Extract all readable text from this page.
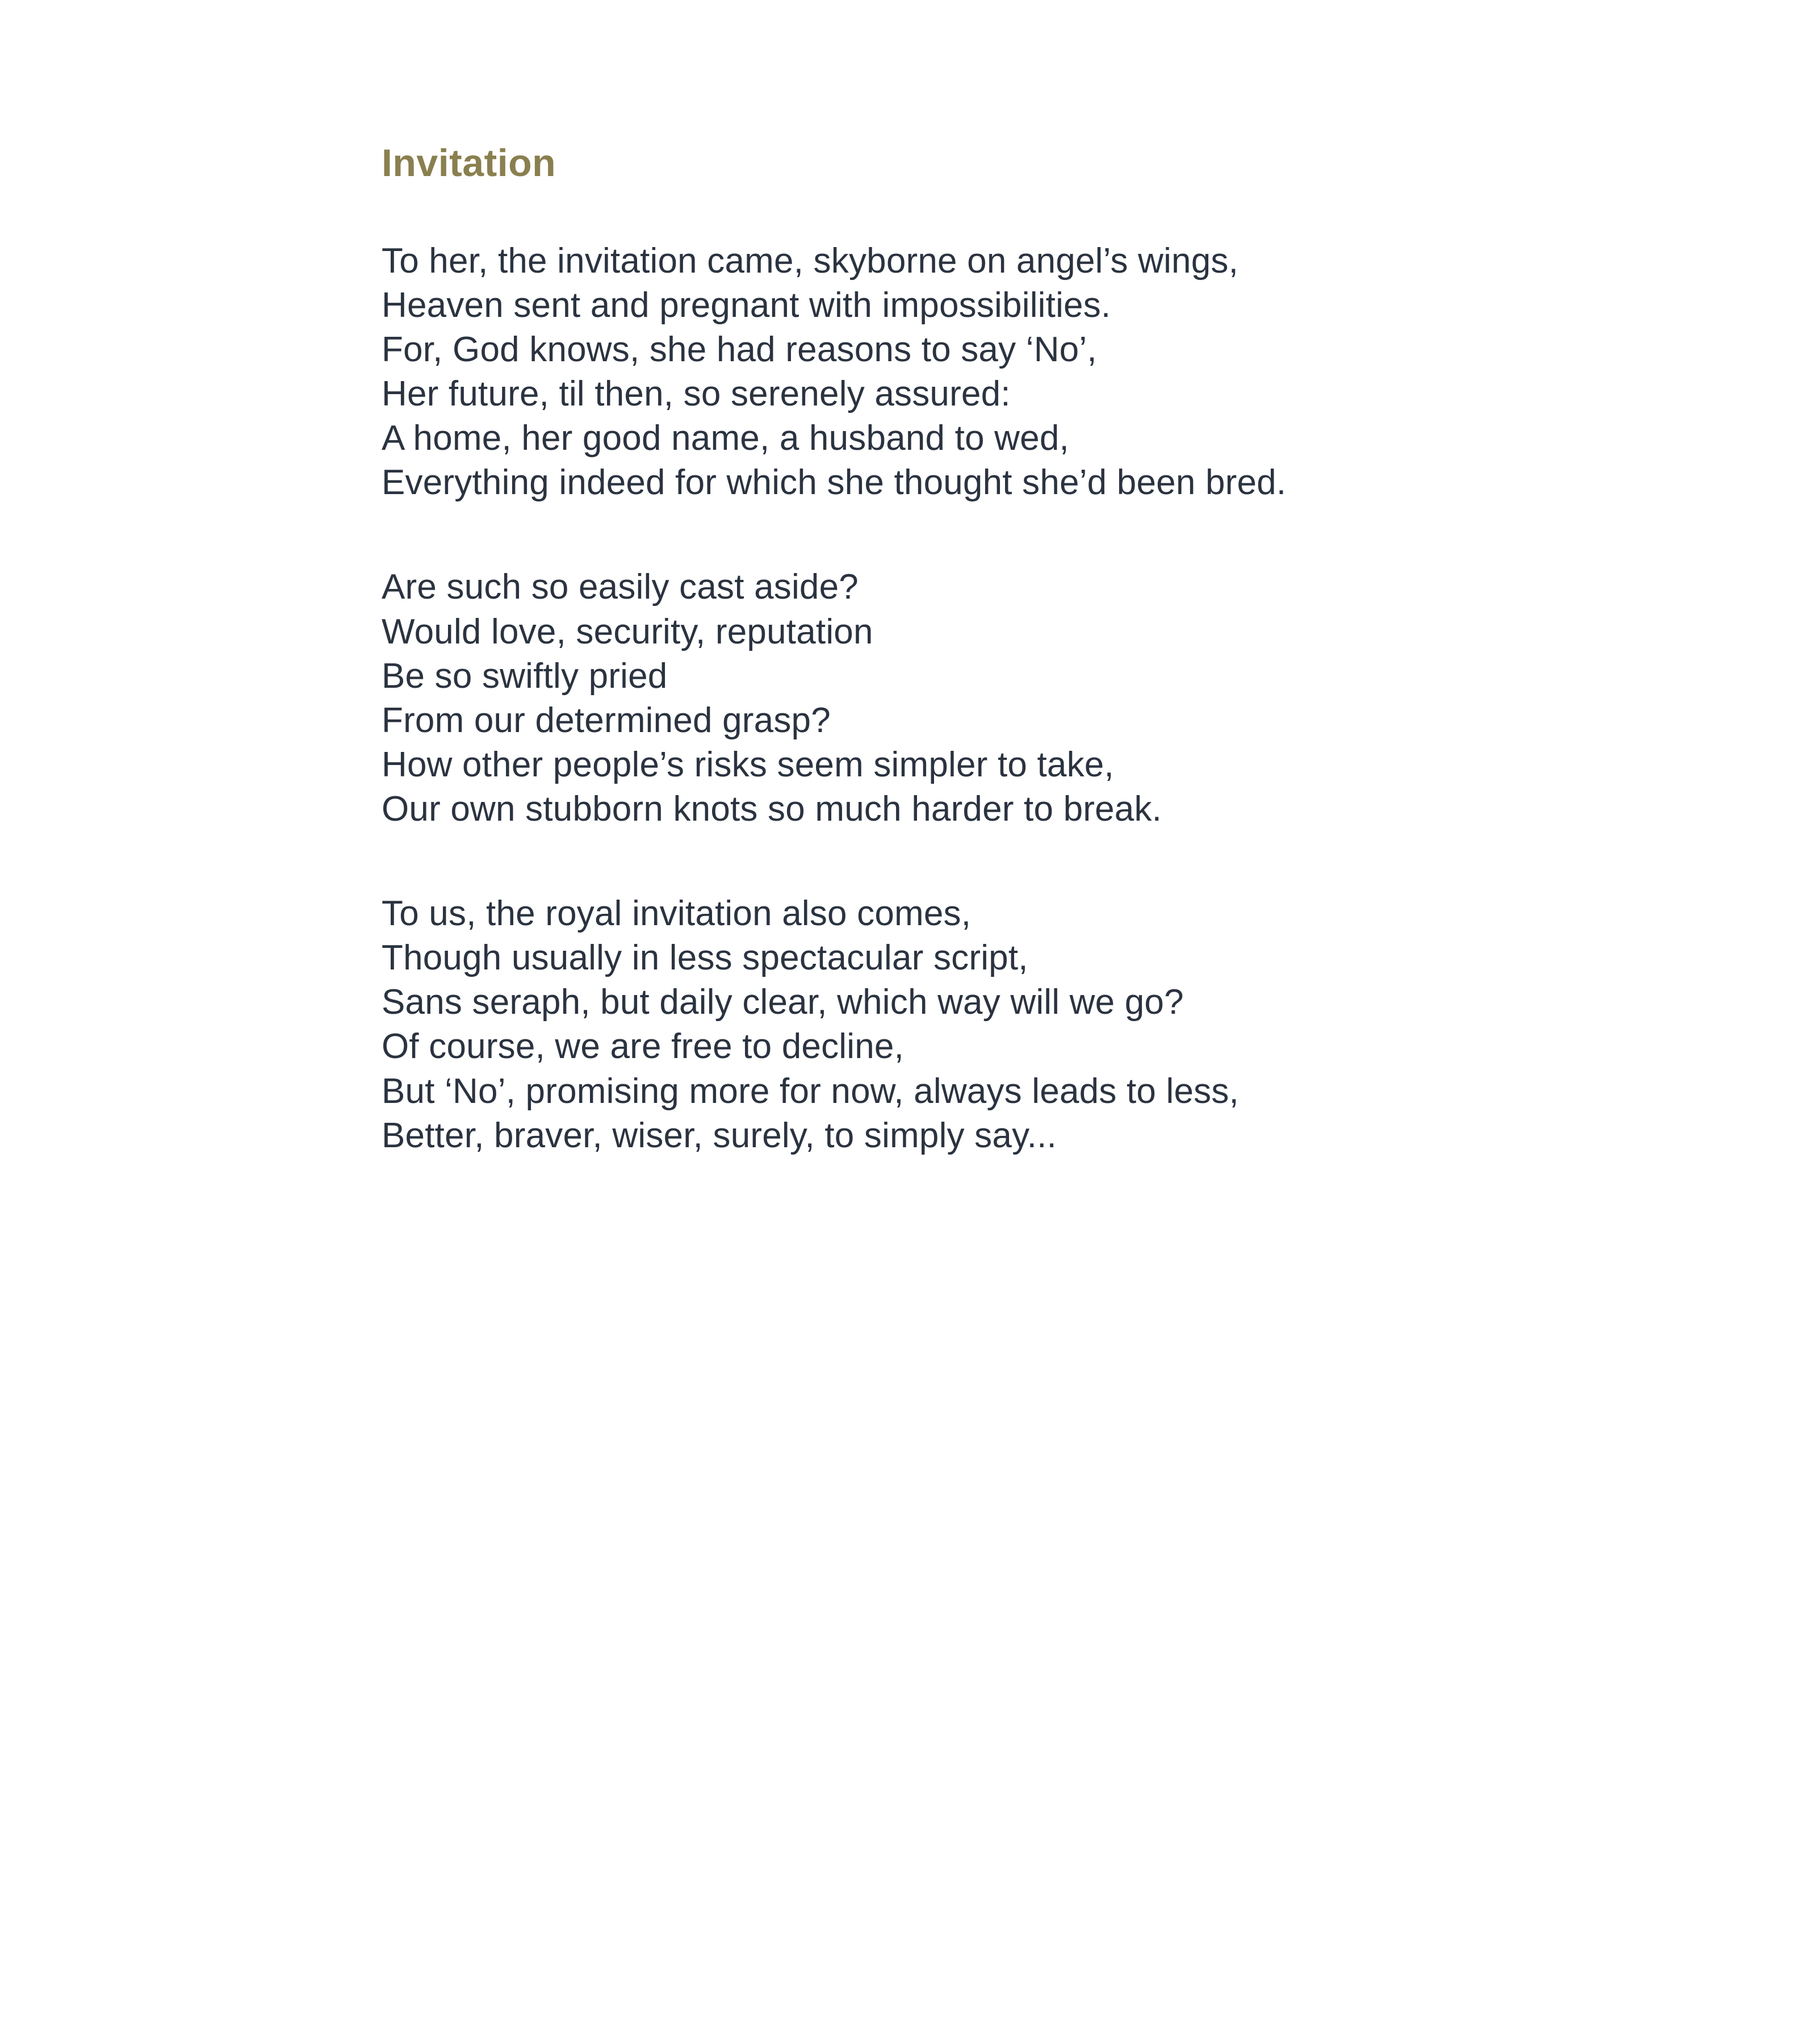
Invitation
To her, the invitation came, skyborne on angel’s wings,
Heaven sent and pregnant with impossibilities.
For, God knows, she had reasons to say ‘No’,
Her future, til then, so serenely assured:
A home, her good name, a husband to wed,
Everything indeed for which she thought she’d been bred.
Are such so easily cast aside?
Would love, security, reputation
Be so swiftly pried
From our determined grasp?
How other people’s risks seem simpler to take,
Our own stubborn knots so much harder to break.
To us, the royal invitation also comes,
Though usually in less spectacular script,
Sans seraph, but daily clear, which way will we go?
Of course, we are free to decline,
But ‘No’, promising more for now, always leads to less,
Better, braver, wiser, surely, to simply say...
